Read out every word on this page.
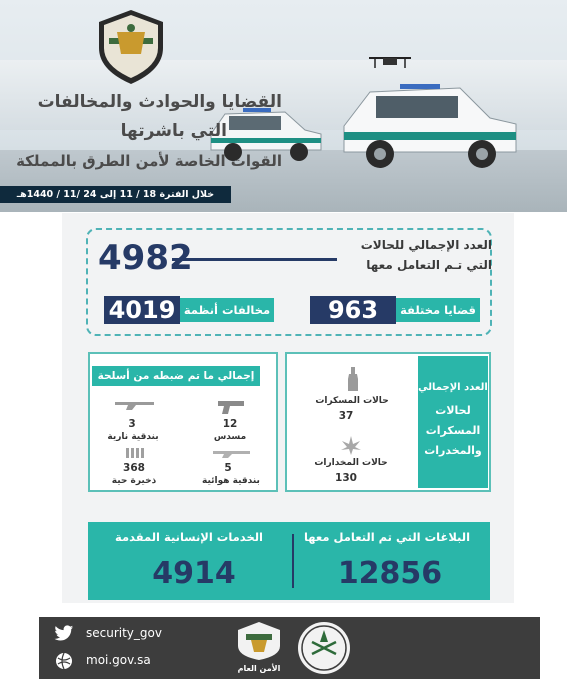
القضايا والحوادث والمخالفات
التي باشرتها
القوات الخاصة لأمن الطرق بالمملكة
خلال الفترة 18 / 11 إلى 24 /11 / 1440هـ
العدد الإجمالي للحالات
التي تـم التعامل معها
4982
قضايا مختلفة
963
مخالفات أنظمة
4019
إجمالي ما تم ضبطه من أسلحة
12
مسدس
3
بندقية نارية
5
بندقية هوائية
368
ذخيرة حية
العدد الإجمالي
لحالات
المسكرات
والمخدرات
حالات المسكرات
37
حالات المخدارات
130
البلاغات التي تم التعامل معها
12856
الخدمات الإنسانية المقدمة
4914
security_gov
moi.gov.sa
الأمن العام
